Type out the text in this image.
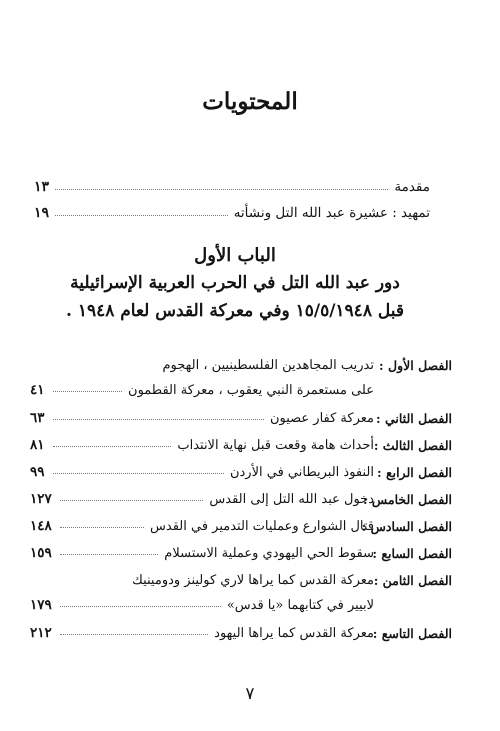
المحتويات
مقدمة
١٣
تمهيد : عشيرة عبد الله التل ونشأته
١٩
الباب الأول
دور عبد الله التل في الحرب العربية الإسرائيلية
قبل ١٥/٥/١٩٤٨ وفي معركة القدس لعام ١٩٤٨ .
الفصل الأول :
تدريب المجاهدين الفلسطينيين ، الهجوم
على مستعمرة النبي يعقوب ، معركة القطمون
٤١
الفصل الثاني :
معركة كفار عصيون
٦٣
الفصل الثالث :
أحداث هامة وقعت قبل نهاية الانتداب
٨١
الفصل الرابع :
النفوذ البريطاني في الأردن
٩٩
الفصل الخامس :
دخول عبد الله التل إلى القدس
١٢٧
الفصل السادس :
قتال الشوارع وعمليات التدمير في القدس
١٤٨
الفصل السابع :
سقوط الحي اليهودي وعملية الاستسلام
١٥٩
الفصل الثامن :
معركة القدس كما يراها لاري كولينز ودومينيك
لابيير في كتابهما «يا قدس»
١٧٩
الفصل التاسع :
معركة القدس كما يراها اليهود
٢١٢
٧
